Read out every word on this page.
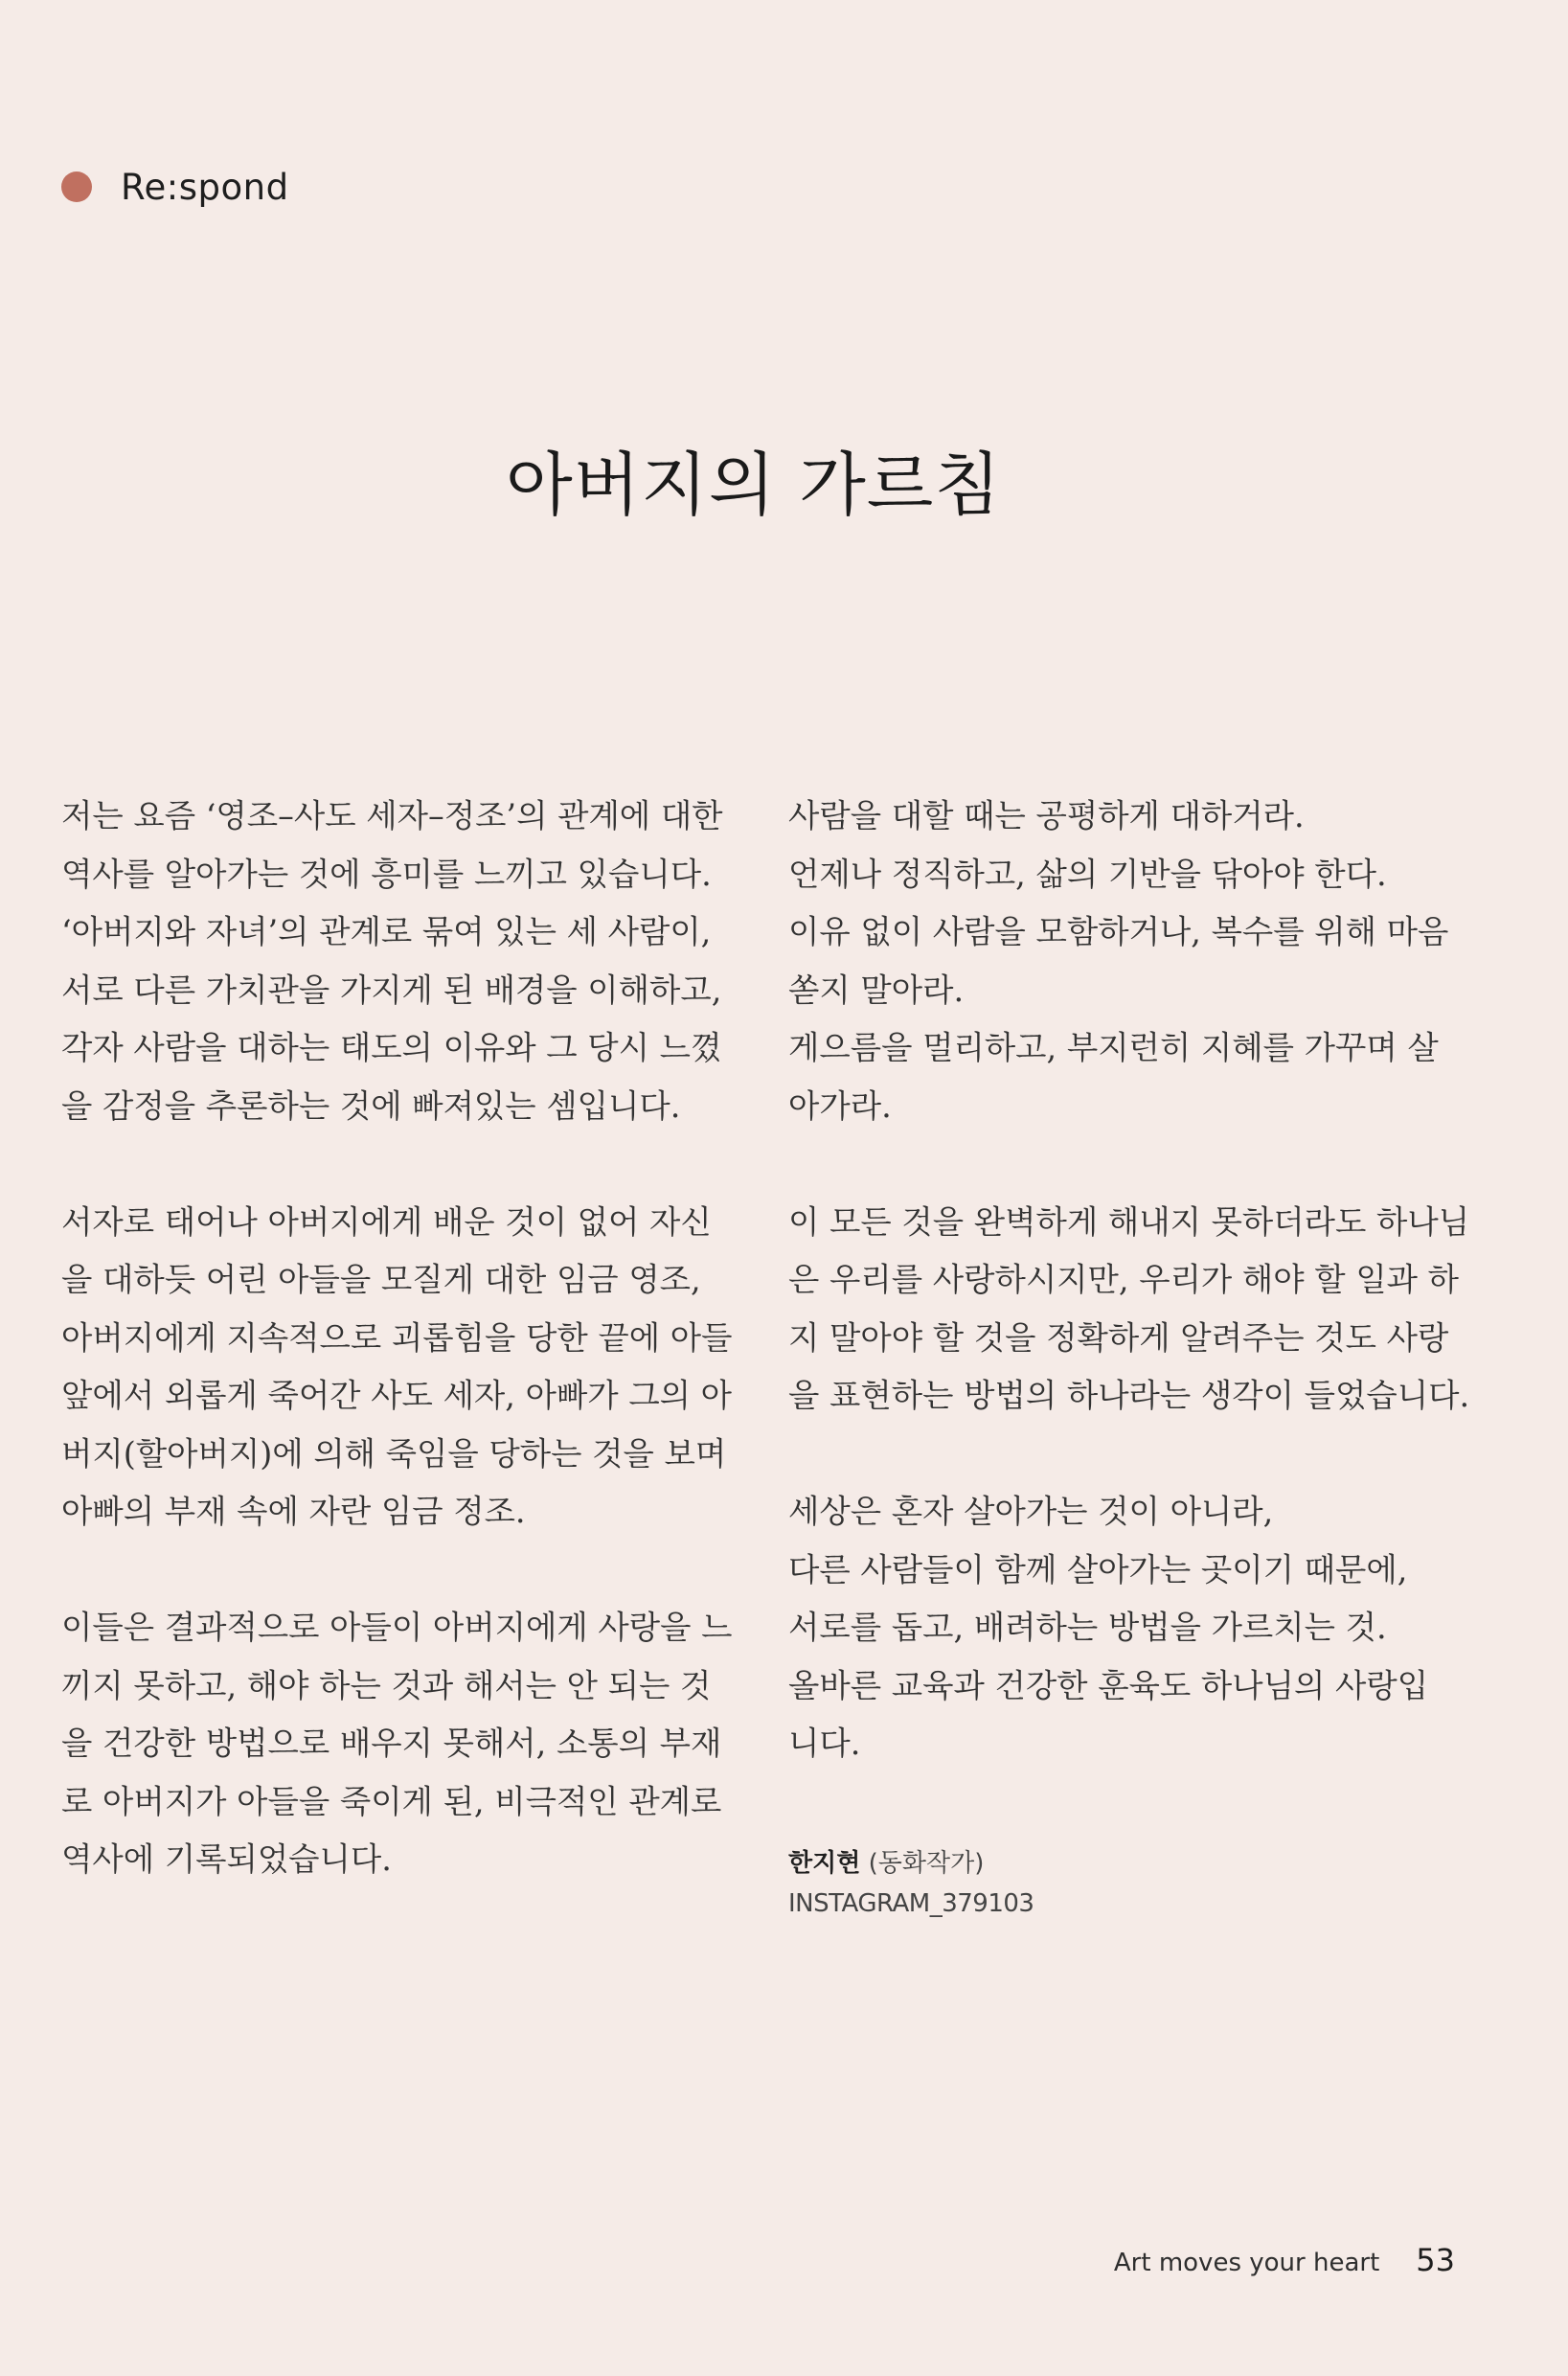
Re:spond
아버지의 가르침
저는 요즘 ‘영조–사도 세자–정조’의 관계에 대한
역사를 알아가는 것에 흥미를 느끼고 있습니다.
‘아버지와 자녀’의 관계로 묶여 있는 세 사람이,
서로 다른 가치관을 가지게 된 배경을 이해하고,
각자 사람을 대하는 태도의 이유와 그 당시 느꼈
을 감정을 추론하는 것에 빠져있는 셈입니다.
서자로 태어나 아버지에게 배운 것이 없어 자신
을 대하듯 어린 아들을 모질게 대한 임금 영조,
아버지에게 지속적으로 괴롭힘을 당한 끝에 아들
앞에서 외롭게 죽어간 사도 세자, 아빠가 그의 아
버지(할아버지)에 의해 죽임을 당하는 것을 보며
아빠의 부재 속에 자란 임금 정조.
이들은 결과적으로 아들이 아버지에게 사랑을 느
끼지 못하고, 해야 하는 것과 해서는 안 되는 것
을 건강한 방법으로 배우지 못해서, 소통의 부재
로 아버지가 아들을 죽이게 된, 비극적인 관계로
역사에 기록되었습니다.
사람을 대할 때는 공평하게 대하거라.
언제나 정직하고, 삶의 기반을 닦아야 한다.
이유 없이 사람을 모함하거나, 복수를 위해 마음
쏟지 말아라.
게으름을 멀리하고, 부지런히 지혜를 가꾸며 살
아가라.
이 모든 것을 완벽하게 해내지 못하더라도 하나님
은 우리를 사랑하시지만, 우리가 해야 할 일과 하
지 말아야 할 것을 정확하게 알려주는 것도 사랑
을 표현하는 방법의 하나라는 생각이 들었습니다.
세상은 혼자 살아가는 것이 아니라,
다른 사람들이 함께 살아가는 곳이기 때문에,
서로를 돕고, 배려하는 방법을 가르치는 것.
올바른 교육과 건강한 훈육도 하나님의 사랑입
니다.
한지현 (동화작가)
INSTAGRAM_379103
Art moves your heart 53
